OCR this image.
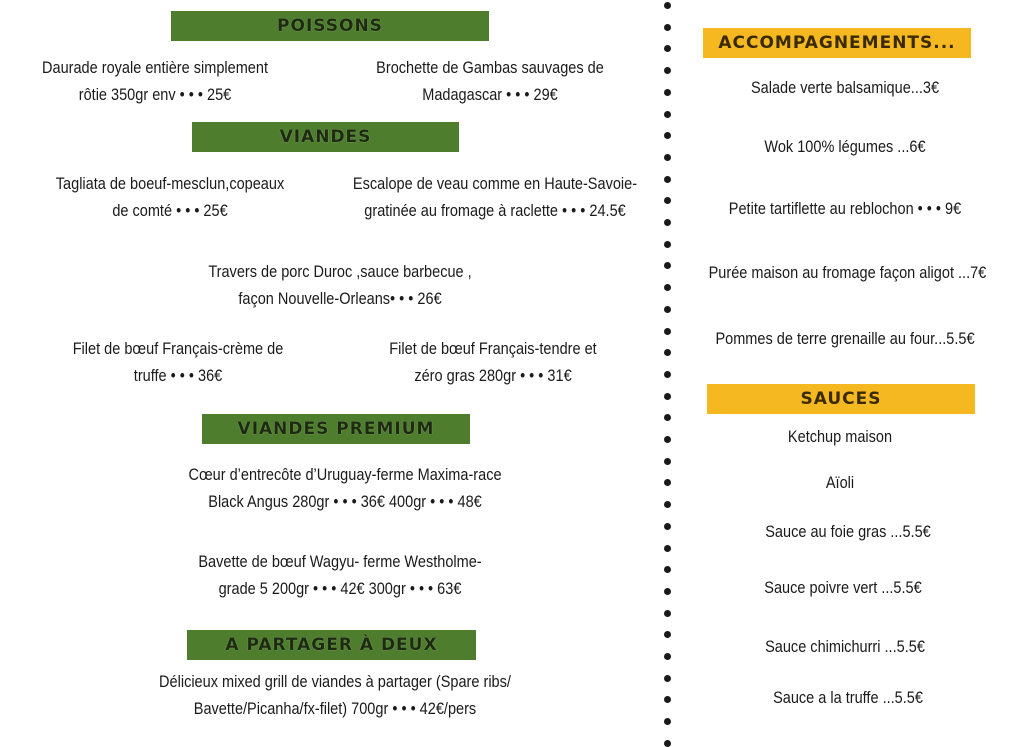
POISSONS
Daurade royale entière simplement
rôtie 350gr env • • • 25€
Brochette de Gambas sauvages de
Madagascar • • • 29€
VIANDES
Tagliata de boeuf-mesclun,copeaux
de comté • • • 25€
Escalope de veau comme en Haute-Savoie-
gratinée au fromage à raclette • • • 24.5€
Travers de porc Duroc ,sauce barbecue ,
façon Nouvelle-Orleans• • • 26€
Filet de bœuf Français-crème de
truffe • • • 36€
Filet de bœuf Français-tendre et
zéro gras 280gr • • • 31€
VIANDES PREMIUM
Cœur d’entrecôte d’Uruguay-ferme Maxima-race
Black Angus 280gr • • • 36€ 400gr • • • 48€
Bavette de bœuf Wagyu- ferme Westholme-
grade 5 200gr • • • 42€ 300gr • • • 63€
A PARTAGER À DEUX
Délicieux mixed grill de viandes à partager (Spare ribs/
Bavette/Picanha/fx-filet) 700gr • • • 42€/pers
ACCOMPAGNEMENTS...
Salade verte balsamique...3€
Wok 100% légumes ...6€
Petite tartiflette au reblochon • • • 9€
Purée maison au fromage façon aligot ...7€
Pommes de terre grenaille au four...5.5€
SAUCES
Ketchup maison
Aïoli
Sauce au foie gras ...5.5€
Sauce poivre vert ...5.5€
Sauce chimichurri ...5.5€
Sauce a la truffe ...5.5€
